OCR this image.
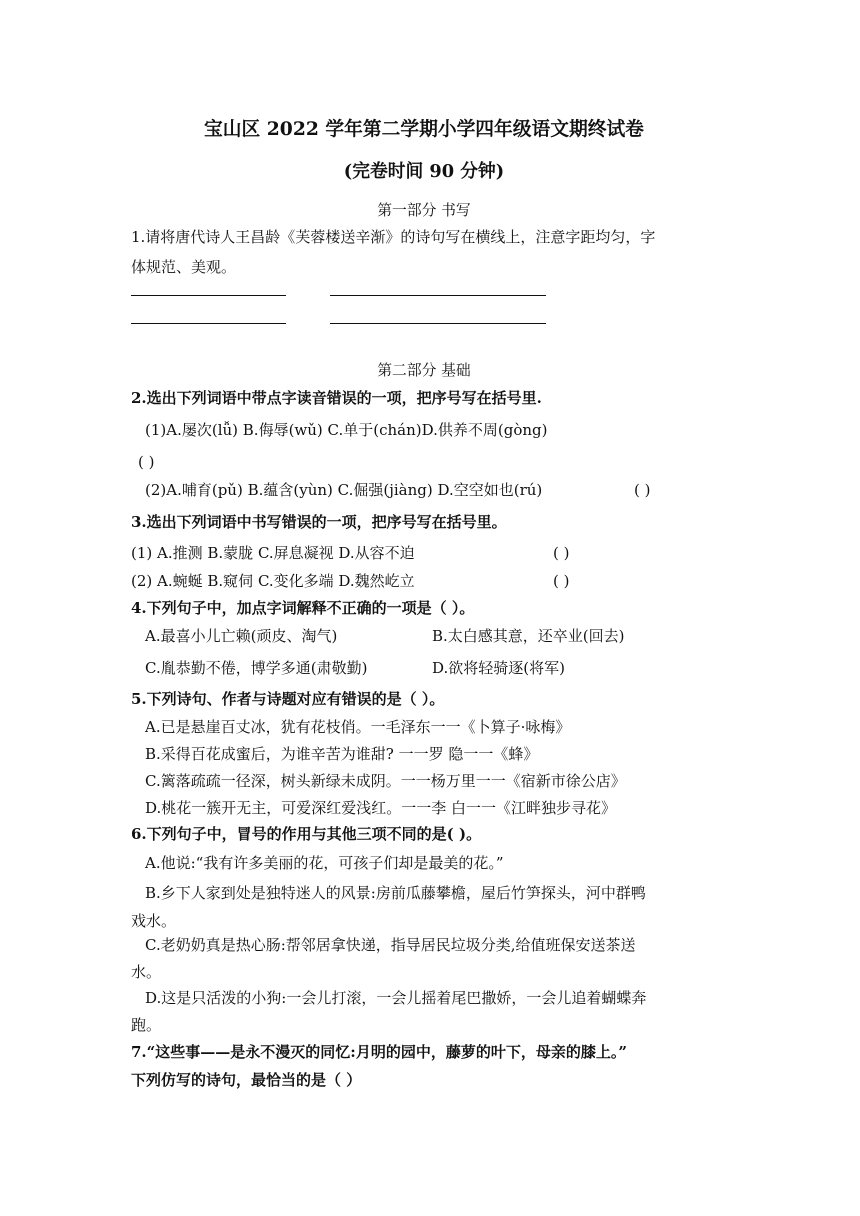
宝山区 2022 学年第二学期小学四年级语文期终试卷
(完卷时间 90 分钟)
第一部分 书写
1.请将唐代诗人王昌龄《芙蓉楼送辛渐》的诗句写在横线上，注意字距均匀，字
体规范、美观。
第二部分 基础
2.选出下列词语中带点字读音错误的一项，把序号写在括号里.
(1)A.屡次(lǚ) B.侮辱(wǔ) C.单于(chán)D.供养不周(gòng)
( )
(2)A.哺育(pǔ) B.蕴含(yùn) C.倔强(jiàng) D.空空如也(rú)	( )
3.选出下列词语中书写错误的一项，把序号写在括号里。
(1) A.推测 B.蒙胧 C.屏息凝视 D.从容不迫	( )
(2) A.蜿蜒 B.窥伺 C.变化多端 D.魏然屹立	( )
4.下列句子中，加点字词解释不正确的一项是（ ）。
A.最喜小儿亡赖(顽皮、淘气)	B.太白感其意，还卒业(回去)
C.胤恭勤不倦，博学多通(肃敬勤)	D.欲将轻骑逐(将军)
5.下列诗句、作者与诗题对应有错误的是（ ）。
A.已是悬崖百丈冰，犹有花枝俏。一毛泽东一一《卜算子·咏梅》
B.采得百花成蜜后，为谁辛苦为谁甜? 一一罗 隐一一《蜂》
C.篱落疏疏一径深，树头新绿未成阴。一一杨万里一一《宿新市徐公店》
D.桃花一簇开无主，可爱深红爱浅红。一一李 白一一《江畔独步寻花》
6.下列句子中，冒号的作用与其他三项不同的是( )。
A.他说:“我有许多美丽的花，可孩子们却是最美的花。”
B.乡下人家到处是独特迷人的风景:房前瓜藤攀檐，屋后竹笋探头，河中群鸭
戏水。
C.老奶奶真是热心肠:帮邻居拿快递，指导居民垃圾分类,给值班保安送茶送
水。
D.这是只活泼的小狗:一会儿打滚，一会儿摇着尾巴撒娇，一会儿追着蝴蝶奔
跑。
7.“这些事——是永不漫灭的同忆:月明的园中，藤萝的叶下，母亲的膝上。”
下列仿写的诗句，最恰当的是（ ）
